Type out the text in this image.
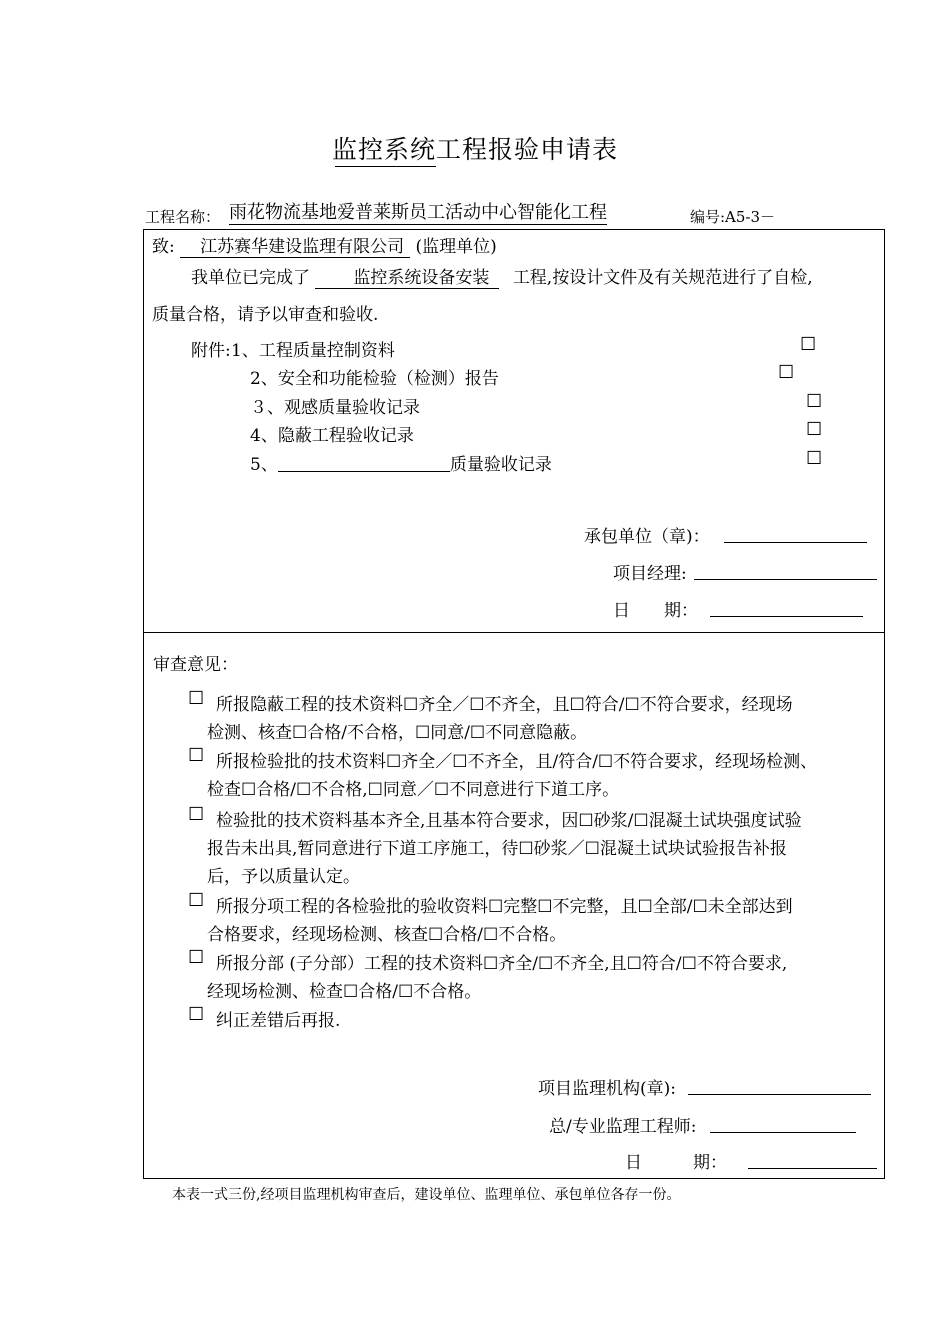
监控系统工程报验申请表
工程名称： 雨花物流基地爱普莱斯员工活动中心智能化工程	编号:A5-3－
致: 江苏赛华建设监理有限公司 (监理单位)
我单位已完成了	监控系统设备安装 工程,按设计文件及有关规范进行了自检,
质量合格，请予以审查和验收.
附件: 1、工程质量控制资料	☐
2、安全和功能检验（检测）报告	☐
３、观感质量验收记录	☐
4、隐蔽工程验收记录	☐
5、	质量验收记录	☐
承包单位（章)：
项目经理:
日　　期：
审查意见：
☐ 所报隐蔽工程的技术资料☐齐全／☐不齐全，且☐符合/☐不符合要求，经现场
检测、核查☐合格/不合格，☐同意/☐不同意隐蔽。
☐ 所报检验批的技术资料☐齐全／☐不齐全，且/符合/☐不符合要求，经现场检测、
检查☐合格/☐不合格,☐同意／☐不同意进行下道工序。
☐ 检验批的技术资料基本齐全,且基本符合要求，因☐砂浆/☐混凝土试块强度试验
报告未出具,暂同意进行下道工序施工，待☐砂浆／☐混凝土试块试验报告补报
后，予以质量认定。
☐ 所报分项工程的各检验批的验收资料☐完整☐不完整，且☐全部/☐未全部达到
合格要求，经现场检测、核查☐合格/☐不合格。
☐ 所报分部 (子分部）工程的技术资料☐齐全/☐不齐全,且☐符合/☐不符合要求,
经现场检测、检查☐合格/☐不合格。
☐ 纠正差错后再报.
项目监理机构(章):
总/专业监理工程师:
日　　　期：
本表一式三份,经项目监理机构审查后，建设单位、监理单位、承包单位各存一份。
